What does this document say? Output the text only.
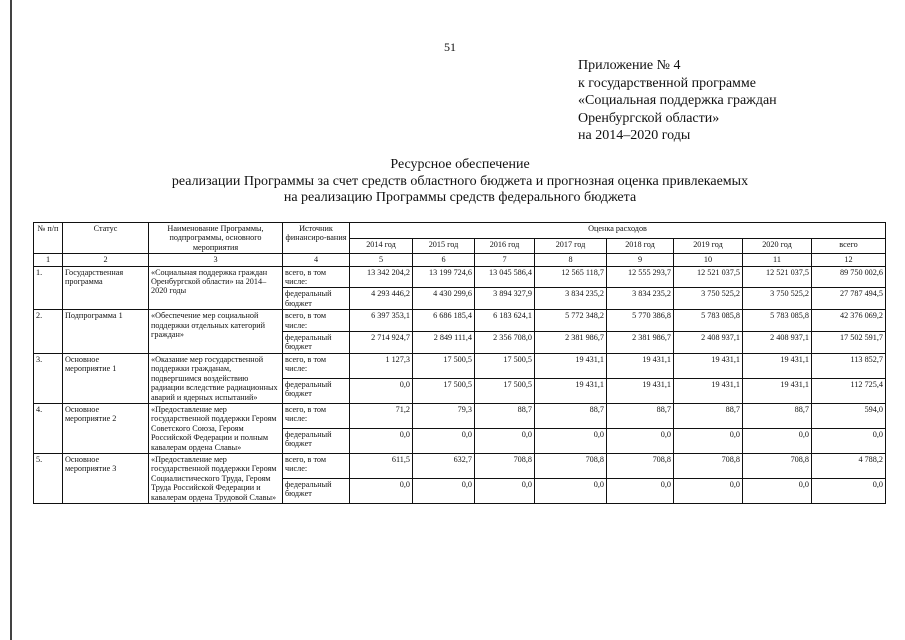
51
Приложение № 4
к государственной программе
«Социальная поддержка граждан
Оренбургской области»
на 2014–2020 годы
Ресурсное обеспечение
реализации Программы за счет средств областного бюджета и прогнозная оценка привлекаемых
на реализацию Программы средств федерального бюджета
№ п/п	Статус	Наименование Программы, подпрограммы, основного мероприятия	Источник финансиро-вания	Оценка расходов							
				2014 год	2015 год	2016 год	2017 год	2018 год	2019 год	2020 год	всего
1	2	3	4	5	6	7	8	9	10	11	12
1.	Государственная программа	«Социальная поддержка граждан Оренбургской области» на 2014–2020 годы	всего, в том числе:	13 342 204,2	13 199 724,6	13 045 586,4	12 565 118,7	12 555 293,7	12 521 037,5	12 521 037,5	89 750 002,6
			федеральный бюджет	4 293 446,2	4 430 299,6	3 894 327,9	3 834 235,2	3 834 235,2	3 750 525,2	3 750 525,2	27 787 494,5
2.	Подпрограмма 1	«Обеспечение мер социальной поддержки отдельных категорий граждан»	всего, в том числе:	6 397 353,1	6 686 185,4	6 183 624,1	5 772 348,2	5 770 386,8	5 783 085,8	5 783 085,8	42 376 069,2
			федеральный бюджет	2 714 924,7	2 849 111,4	2 356 708,0	2 381 986,7	2 381 986,7	2 408 937,1	2 408 937,1	17 502 591,7
3.	Основное мероприятие 1	«Оказание мер государственной поддержки гражданам, подвергшимся воздействию радиации вследствие радиационных аварий и ядерных испытаний»	всего, в том числе:	1 127,3	17 500,5	17 500,5	19 431,1	19 431,1	19 431,1	19 431,1	113 852,7
			федеральный бюджет	0,0	17 500,5	17 500,5	19 431,1	19 431,1	19 431,1	19 431,1	112 725,4
4.	Основное мероприятие 2	«Предоставление мер государственной поддержки Героям Советского Союза, Героям Российской Федерации и полным кавалерам ордена Славы»	всего, в том числе:	71,2	79,3	88,7	88,7	88,7	88,7	88,7	594,0
			федеральный бюджет	0,0	0,0	0,0	0,0	0,0	0,0	0,0	0,0
5.	Основное мероприятие 3	«Предоставление мер государственной поддержки Героям Социалистического Труда, Героям Труда Российской Федерации и кавалерам ордена Трудовой Славы»	всего, в том числе:	611,5	632,7	708,8	708,8	708,8	708,8	708,8	4 788,2
			федеральный бюджет	0,0	0,0	0,0	0,0	0,0	0,0	0,0	0,0
